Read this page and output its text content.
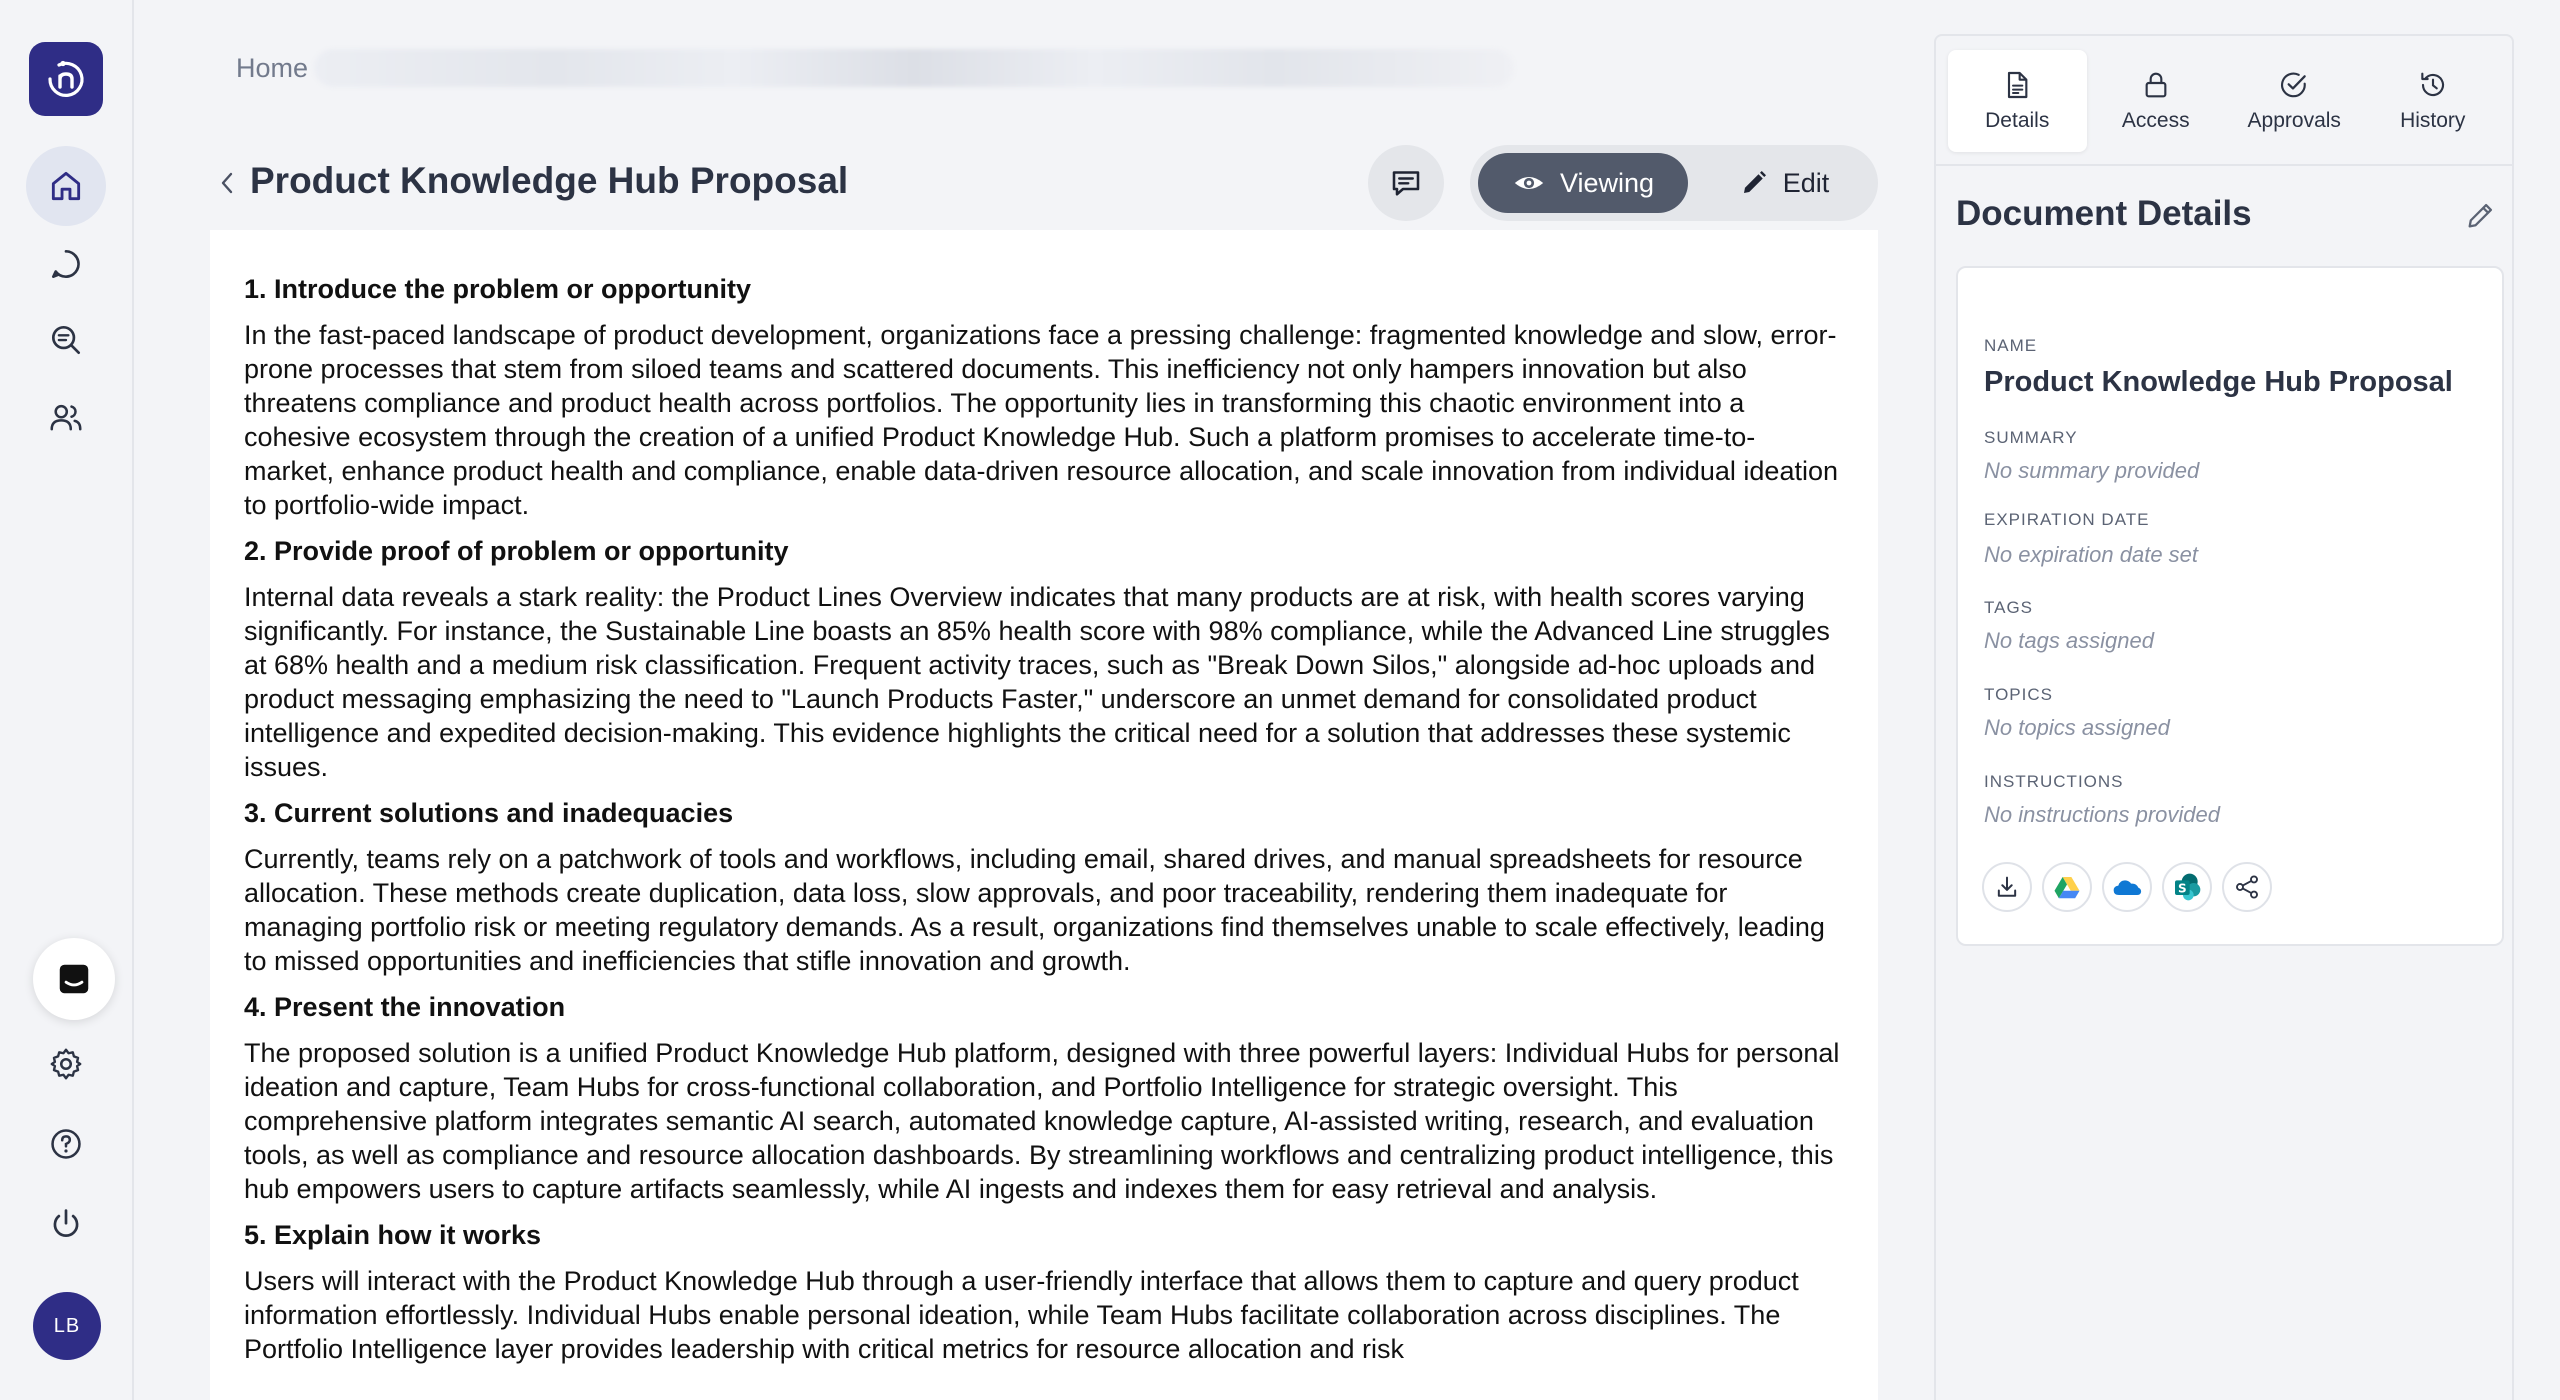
LB
Home
Product Knowledge Hub Proposal	Viewing	Edit
1. Introduce the problem or opportunity

In the fast-paced landscape of product development, organizations face a pressing challenge: fragmented knowledge and slow, error-prone processes that stem from siloed teams and scattered documents. This inefficiency not only hampers innovation but also threatens compliance and product health across portfolios. The opportunity lies in transforming this chaotic environment into a cohesive ecosystem through the creation of a unified Product Knowledge Hub. Such a platform promises to accelerate time-to-market, enhance product health and compliance, enable data-driven resource allocation, and scale innovation from individual ideation to portfolio-wide impact.

2. Provide proof of problem or opportunity

Internal data reveals a stark reality: the Product Lines Overview indicates that many products are at risk, with health scores varying significantly. For instance, the Sustainable Line boasts an 85% health score with 98% compliance, while the Advanced Line struggles at 68% health and a medium risk classification. Frequent activity traces, such as "Break Down Silos," alongside ad-hoc uploads and product messaging emphasizing the need to "Launch Products Faster," underscore an unmet demand for consolidated product intelligence and expedited decision-making. This evidence highlights the critical need for a solution that addresses these systemic issues.

3. Current solutions and inadequacies

Currently, teams rely on a patchwork of tools and workflows, including email, shared drives, and manual spreadsheets for resource allocation. These methods create duplication, data loss, slow approvals, and poor traceability, rendering them inadequate for managing portfolio risk or meeting regulatory demands. As a result, organizations find themselves unable to scale effectively, leading to missed opportunities and inefficiencies that stifle innovation and growth.

4. Present the innovation

The proposed solution is a unified Product Knowledge Hub platform, designed with three powerful layers: Individual Hubs for personal ideation and capture, Team Hubs for cross-functional collaboration, and Portfolio Intelligence for strategic oversight. This comprehensive platform integrates semantic AI search, automated knowledge capture, AI-assisted writing, research, and evaluation tools, as well as compliance and resource allocation dashboards. By streamlining workflows and centralizing product intelligence, this hub empowers users to capture artifacts seamlessly, while AI ingests and indexes them for easy retrieval and analysis.

5. Explain how it works

Users will interact with the Product Knowledge Hub through a user-friendly interface that allows them to capture and query product information effortlessly. Individual Hubs enable personal ideation, while Team Hubs facilitate collaboration across disciplines. The Portfolio Intelligence layer provides leadership with critical metrics for resource allocation and risk

Details	Access	Approvals	History
Document Details
NAME
Product Knowledge Hub Proposal
SUMMARY
No summary provided
EXPIRATION DATE
No expiration date set
TAGS
No tags assigned
TOPICS
No topics assigned
INSTRUCTIONS
No instructions provided
S
